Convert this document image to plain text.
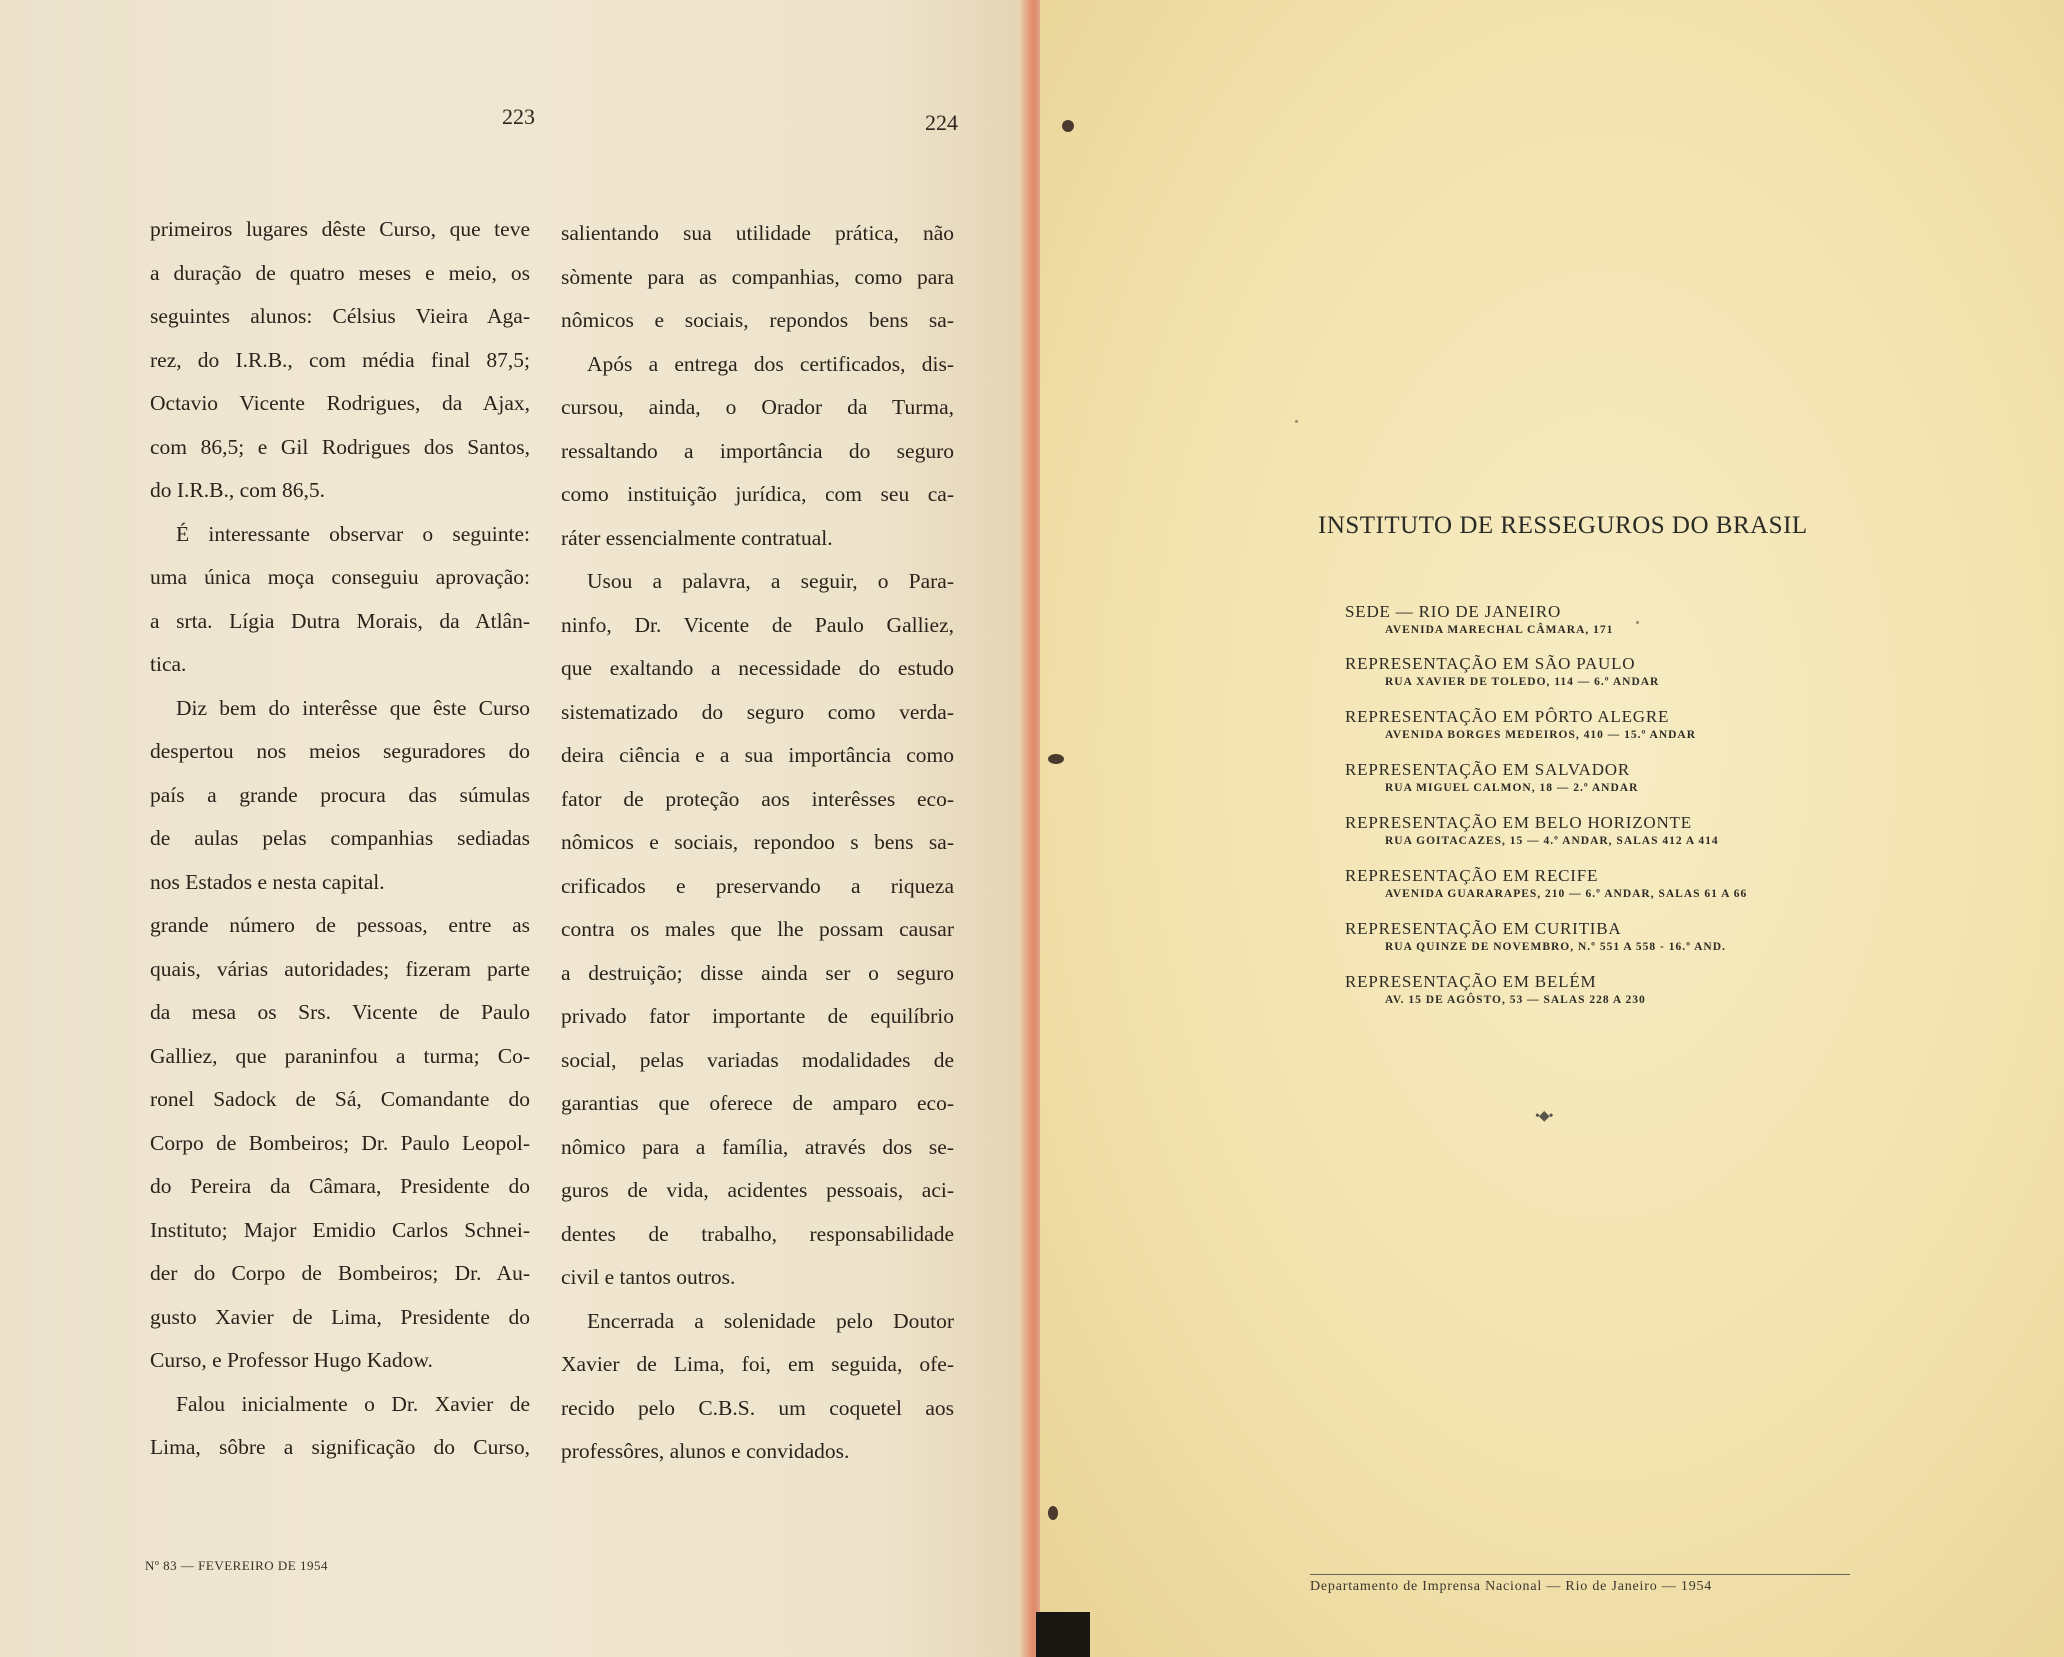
223	224

primeiros lugares dêste Curso, que teve

a duração de quatro meses e meio, os

seguintes alunos: Célsius Vieira Aga-

rez, do I.R.B., com média final 87,5;

Octavio Vicente Rodrigues, da Ajax,

com 86,5; e Gil Rodrigues dos Santos,

do I.R.B., com 86,5.

É interessante observar o seguinte:

uma única moça conseguiu aprovação:

a srta. Lígia Dutra Morais, da Atlân-

tica.

Diz bem do interêsse que êste Curso

despertou nos meios seguradores do

país a grande procura das súmulas

de aulas pelas companhias sediadas

nos Estados e nesta capital.

grande número de pessoas, entre as

quais, várias autoridades; fizeram parte

da mesa os Srs. Vicente de Paulo

Galliez, que paraninfou a turma; Co-

ronel Sadock de Sá, Comandante do

Corpo de Bombeiros; Dr. Paulo Leopol-

do Pereira da Câmara, Presidente do

Instituto; Major Emidio Carlos Schnei-

der do Corpo de Bombeiros; Dr. Au-

gusto Xavier de Lima, Presidente do

Curso, e Professor Hugo Kadow.

Falou inicialmente o Dr. Xavier de

Lima, sôbre a significação do Curso,

salientando sua utilidade prática, não

sòmente para as companhias, como para

nômicos e sociais, repondos bens sa-

Após a entrega dos certificados, dis-

cursou, ainda, o Orador da Turma,

ressaltando a importância do seguro

como instituição jurídica, com seu ca-

ráter essencialmente contratual.

Usou a palavra, a seguir, o Para-

ninfo, Dr. Vicente de Paulo Galliez,

que exaltando a necessidade do estudo

sistematizado do seguro como verda-

deira ciência e a sua importância como

fator de proteção aos interêsses eco-

nômicos e sociais, repondoo s bens sa-

crificados e preservando a riqueza

contra os males que lhe possam causar

a destruição; disse ainda ser o seguro

privado fator importante de equilíbrio

social, pelas variadas modalidades de

garantias que oferece de amparo eco-

nômico para a família, através dos se-

guros de vida, acidentes pessoais, aci-

dentes de trabalho, responsabilidade

civil e tantos outros.

Encerrada a solenidade pelo Doutor

Xavier de Lima, foi, em seguida, ofe-

recido pelo C.B.S. um coquetel aos

professôres, alunos e convidados.

Nº 83 — FEVEREIRO DE 1954
INSTITUTO DE RESSEGUROS DO BRASIL
SEDE — RIO DE JANEIRO
AVENIDA MARECHAL CÂMARA, 171
REPRESENTAÇÃO EM SÃO PAULO
RUA XAVIER DE TOLEDO, 114 — 6.º ANDAR
REPRESENTAÇÃO EM PÔRTO ALEGRE
AVENIDA BORGES MEDEIROS, 410 — 15.º ANDAR
REPRESENTAÇÃO EM SALVADOR
RUA MIGUEL CALMON, 18 — 2.º ANDAR
REPRESENTAÇÃO EM BELO HORIZONTE
RUA GOITACAZES, 15 — 4.º ANDAR, SALAS 412 A 414
REPRESENTAÇÃO EM RECIFE
AVENIDA GUARARAPES, 210 — 6.º ANDAR, SALAS 61 A 66
REPRESENTAÇÃO EM CURITIBA
RUA QUINZE DE NOVEMBRO, N.º 551 A 558 - 16.º AND.
REPRESENTAÇÃO EM BELÉM
AV. 15 DE AGÔSTO, 53 — SALAS 228 A 230
•◆•
Departamento de Imprensa Nacional — Rio de Janeiro — 1954
